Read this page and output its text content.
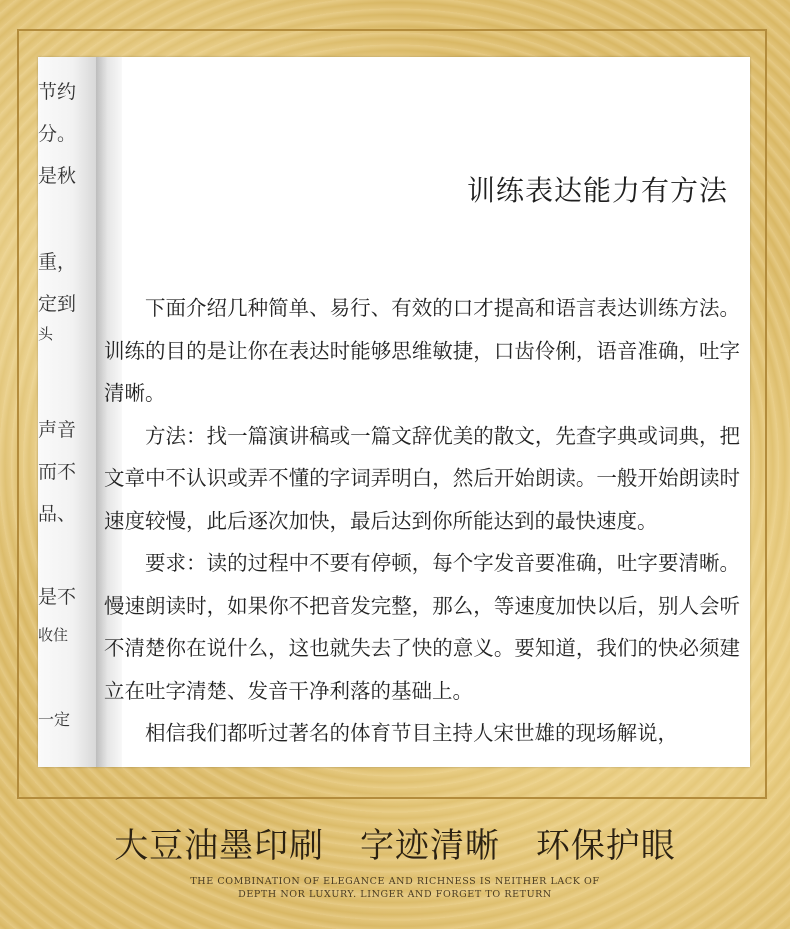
节约
分。
是秋
重，
定到
头
声音
而不
品、
是不
收住
一定
训练表达能力有方法

下面介绍几种简单、易行、有效的口才提高和语言表达训练方法。训练的目的是让你在表达时能够思维敏捷，口齿伶俐，语音准确，吐字清晰。

方法：找一篇演讲稿或一篇文辞优美的散文，先查字典或词典，把文章中不认识或弄不懂的字词弄明白，然后开始朗读。一般开始朗读时速度较慢，此后逐次加快，最后达到你所能达到的最快速度。

要求：读的过程中不要有停顿，每个字发音要准确，吐字要清晰。慢速朗读时，如果你不把音发完整，那么，等速度加快以后，别人会听不清楚你在说什么，这也就失去了快的意义。要知道，我们的快必须建立在吐字清楚、发音干净利落的基础上。

相信我们都听过著名的体育节目主持人宋世雄的现场解说，

大豆油墨印刷 字迹清晰 环保护眼
THE COMBINATION OF ELEGANCE AND RICHNESS IS NEITHER LACK OF
DEPTH NOR LUXURY. LINGER AND FORGET TO RETURN
